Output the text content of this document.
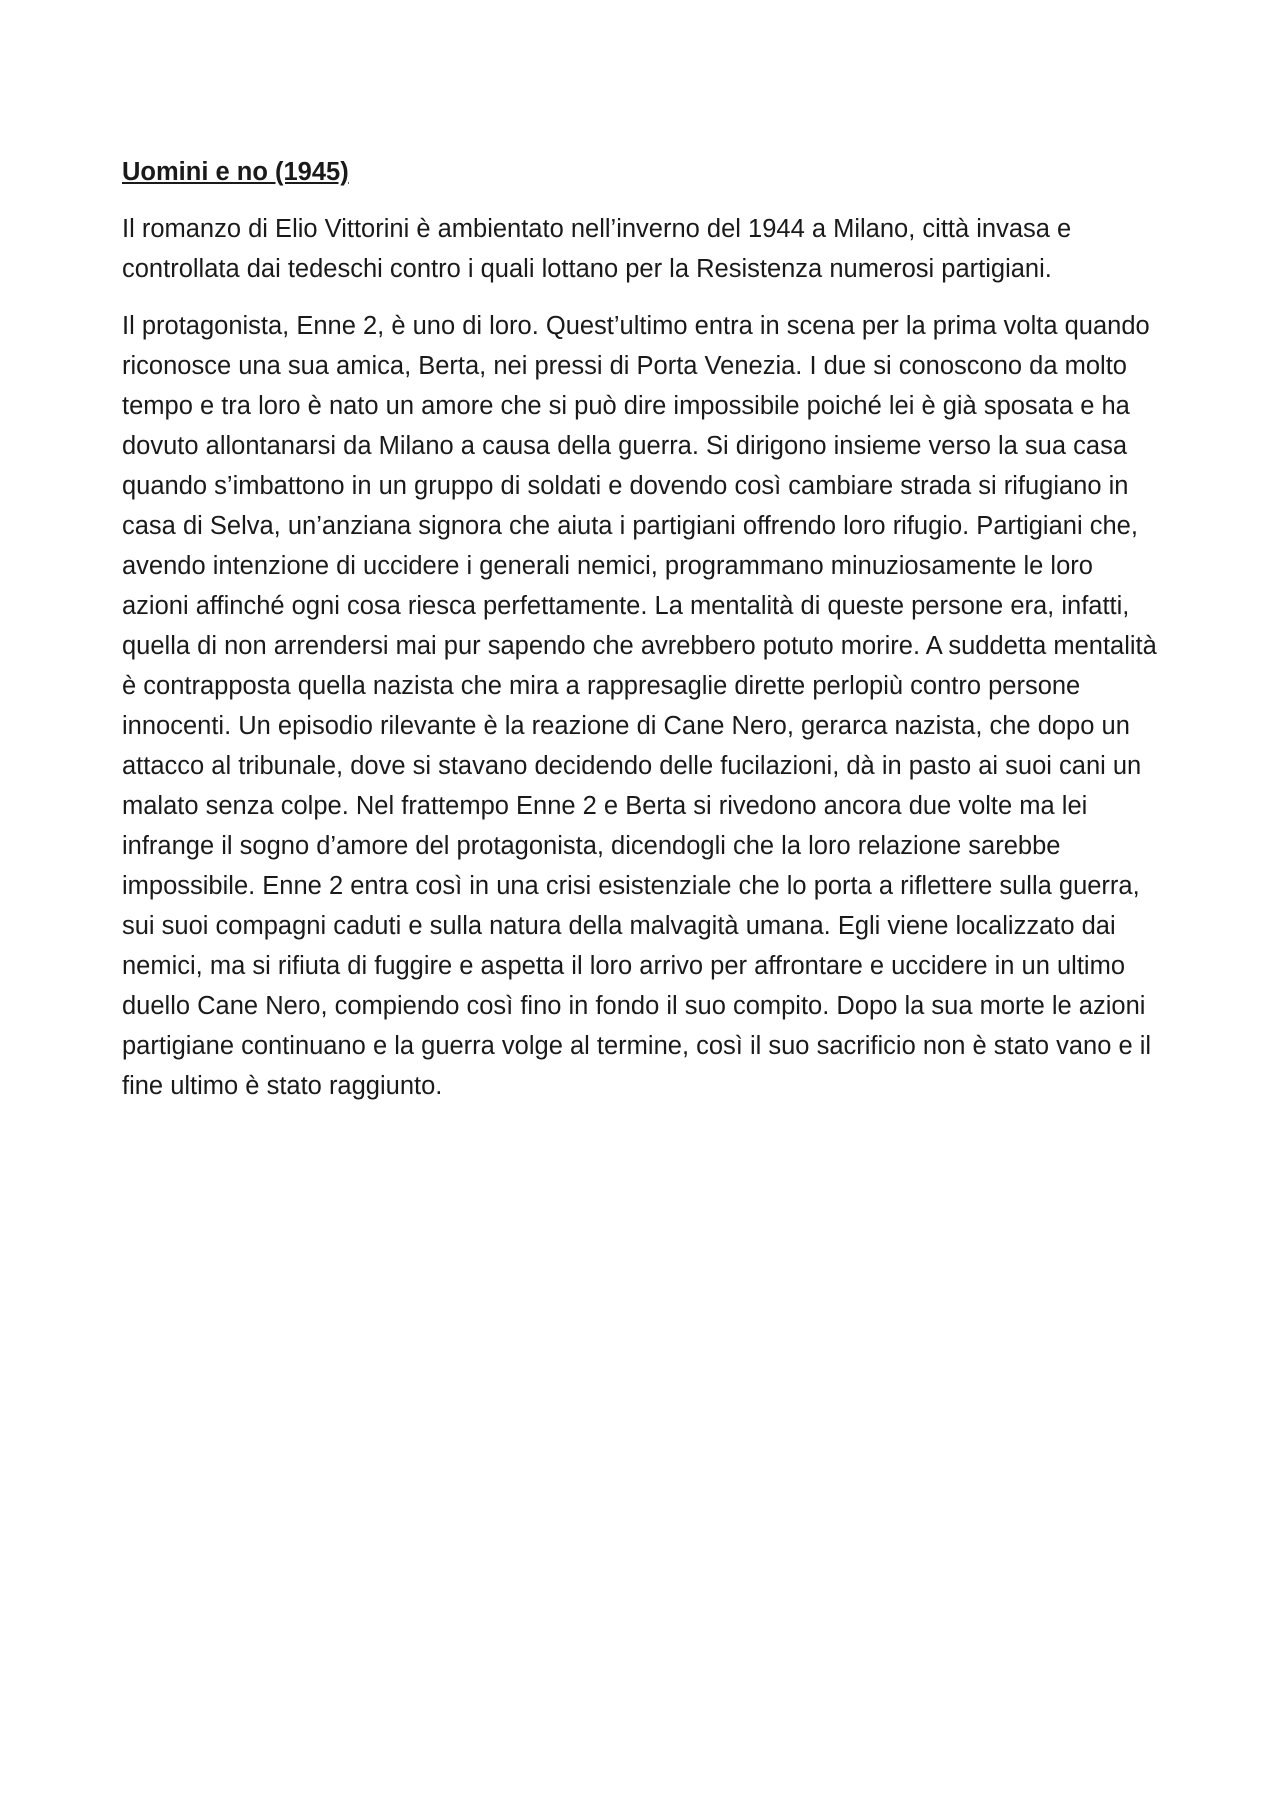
Uomini e no (1945)

Il romanzo di Elio Vittorini è ambientato nell’inverno del 1944 a Milano, città invasa e controllata dai tedeschi contro i quali lottano per la Resistenza numerosi partigiani.

Il protagonista, Enne 2, è uno di loro. Quest’ultimo entra in scena per la prima volta quando riconosce una sua amica, Berta, nei pressi di Porta Venezia. I due si conoscono da molto tempo e tra loro è nato un amore che si può dire impossibile poiché lei è già sposata e ha dovuto allontanarsi da Milano a causa della guerra. Si dirigono insieme verso la sua casa quando s’imbattono in un gruppo di soldati e dovendo così cambiare strada si rifugiano in casa di Selva, un’anziana signora che aiuta i partigiani offrendo loro rifugio. Partigiani che, avendo intenzione di uccidere i generali nemici, programmano minuziosamente le loro azioni affinché ogni cosa riesca perfettamente. La mentalità di queste persone era, infatti, quella di non arrendersi mai pur sapendo che avrebbero potuto morire. A suddetta mentalità è contrapposta quella nazista che mira a rappresaglie dirette perlopiù contro persone innocenti. Un episodio rilevante è la reazione di Cane Nero, gerarca nazista, che dopo un attacco al tribunale, dove si stavano decidendo delle fucilazioni, dà in pasto ai suoi cani un malato senza colpe. Nel frattempo Enne 2 e Berta si rivedono ancora due volte ma lei infrange il sogno d’amore del protagonista, dicendogli che la loro relazione sarebbe impossibile. Enne 2 entra così in una crisi esistenziale che lo porta a riflettere sulla guerra, sui suoi compagni caduti e sulla natura della malvagità umana. Egli viene localizzato dai nemici, ma si rifiuta di fuggire e aspetta il loro arrivo per affrontare e uccidere in un ultimo duello Cane Nero, compiendo così fino in fondo il suo compito. Dopo la sua morte le azioni partigiane continuano e la guerra volge al termine, così il suo sacrificio non è stato vano e il fine ultimo è stato raggiunto.
